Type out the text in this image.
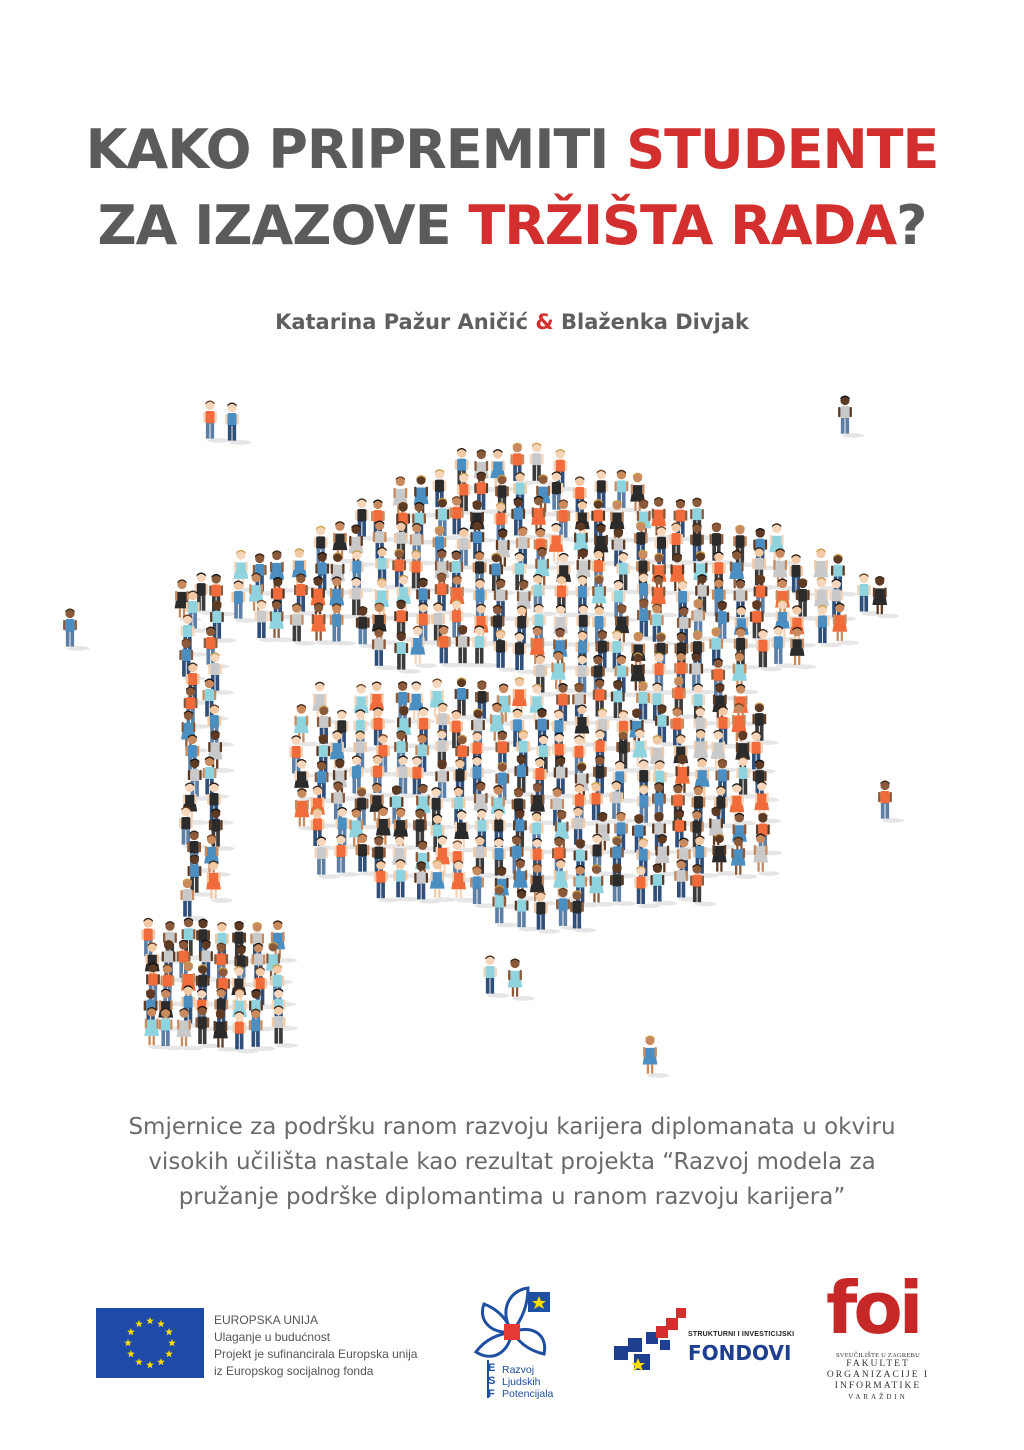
KAKO PRIPREMITI STUDENTE
ZA IZAZOVE TRŽIŠTA RADA?
Katarina Pažur Aničić & Blaženka Divjak
Smjernice za podršku ranom razvoju karijera diplomanata u okviru
visokih učilišta nastale kao rezultat projekta “Razvoj modela za
pružanje podrške diplomantima u ranom razvoju karijera”
EUROPSKA UNIJA
Ulaganje u budućnost
Projekt je sufinancirala Europska unija
iz Europskog socijalnog fonda	ESF
Razvoj
Ljudskih
Potencijala
STRUKTURNI I INVESTICIJSKI
FONDOVI
foi
SVEUČILIŠTE U ZAGREBU
FAKULTET
ORGANIZACIJE I
INFORMATIKE
VARAŽDIN
